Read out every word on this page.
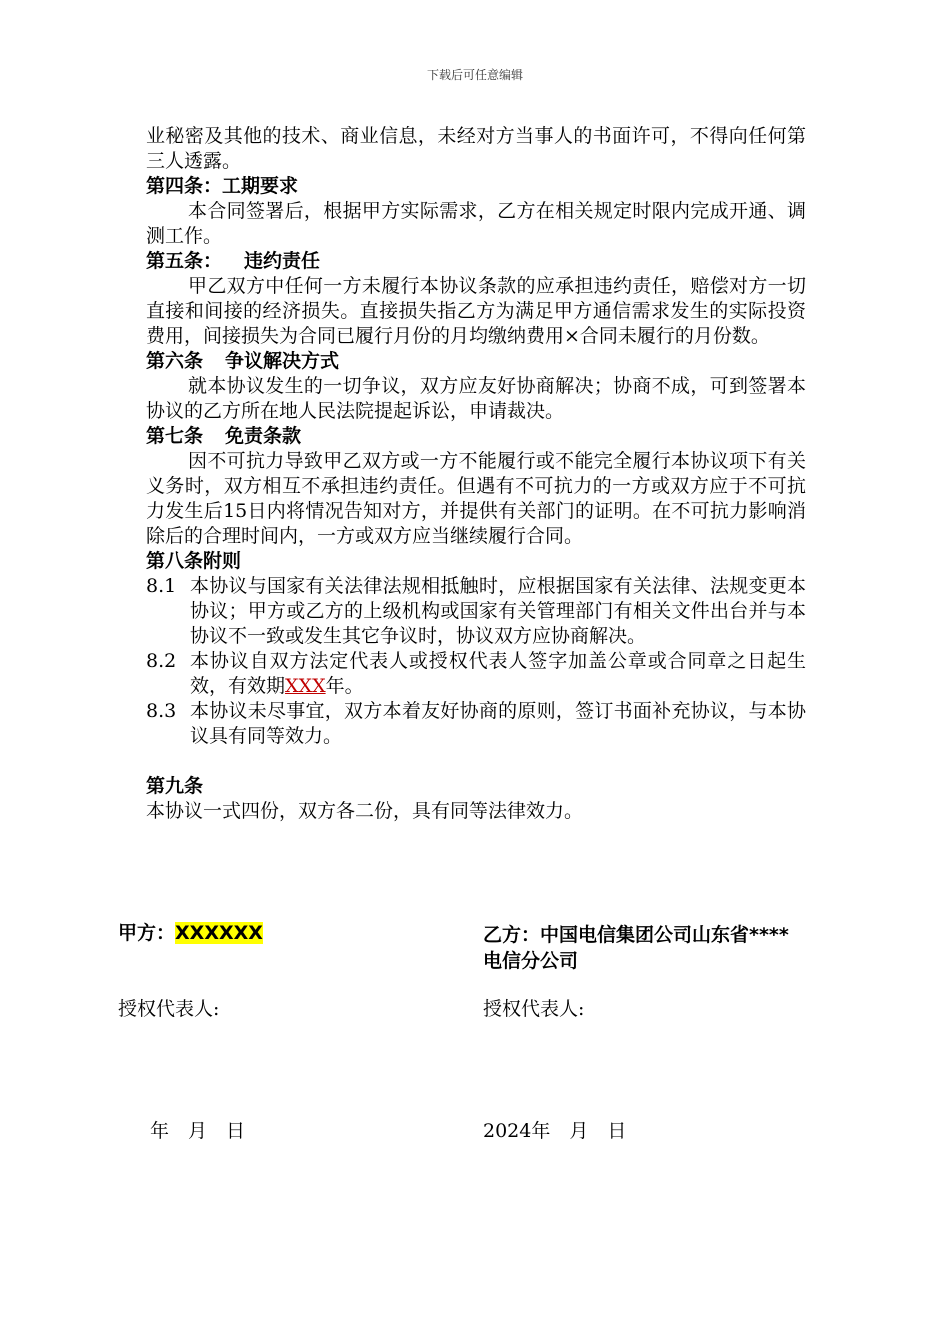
下载后可任意编辑

业秘密及其他的技术、商业信息，未经对方当事人的书面许可，不得向任何第三人透露。

第四条：工期要求

本合同签署后，根据甲方实际需求，乙方在相关规定时限内完成开通、调测工作。

第五条： 违约责任

甲乙双方中任何一方未履行本协议条款的应承担违约责任，赔偿对方一切直接和间接的经济损失。直接损失指乙方为满足甲方通信需求发生的实际投资费用，间接损失为合同已履行月份的月均缴纳费用×合同未履行的月份数。

第六条 争议解决方式

就本协议发生的一切争议，双方应友好协商解决；协商不成，可到签署本协议的乙方所在地人民法院提起诉讼，申请裁决。

第七条 免责条款

因不可抗力导致甲乙双方或一方不能履行或不能完全履行本协议项下有关义务时，双方相互不承担违约责任。但遇有不可抗力的一方或双方应于不可抗力发生后15日内将情况告知对方，并提供有关部门的证明。在不可抗力影响消除后的合理时间内，一方或双方应当继续履行合同。

第八条附则

8.1 本协议与国家有关法律法规相抵触时，应根据国家有关法律、法规变更本协议；甲方或乙方的上级机构或国家有关管理部门有相关文件出台并与本协议不一致或发生其它争议时，协议双方应协商解决。
8.2 本协议自双方法定代表人或授权代表人签字加盖公章或合同章之日起生效，有效期XXX年。
8.3 本协议未尽事宜，双方本着友好协商的原则，签订书面补充协议，与本协议具有同等效力。

第九条

本协议一式四份，双方各二份，具有同等法律效力。

甲方：XXXXXX	乙方：中国电信集团公司山东省****
电信分公司
授权代表人:	授权代表人:
年　月　日	2024年　月　日
